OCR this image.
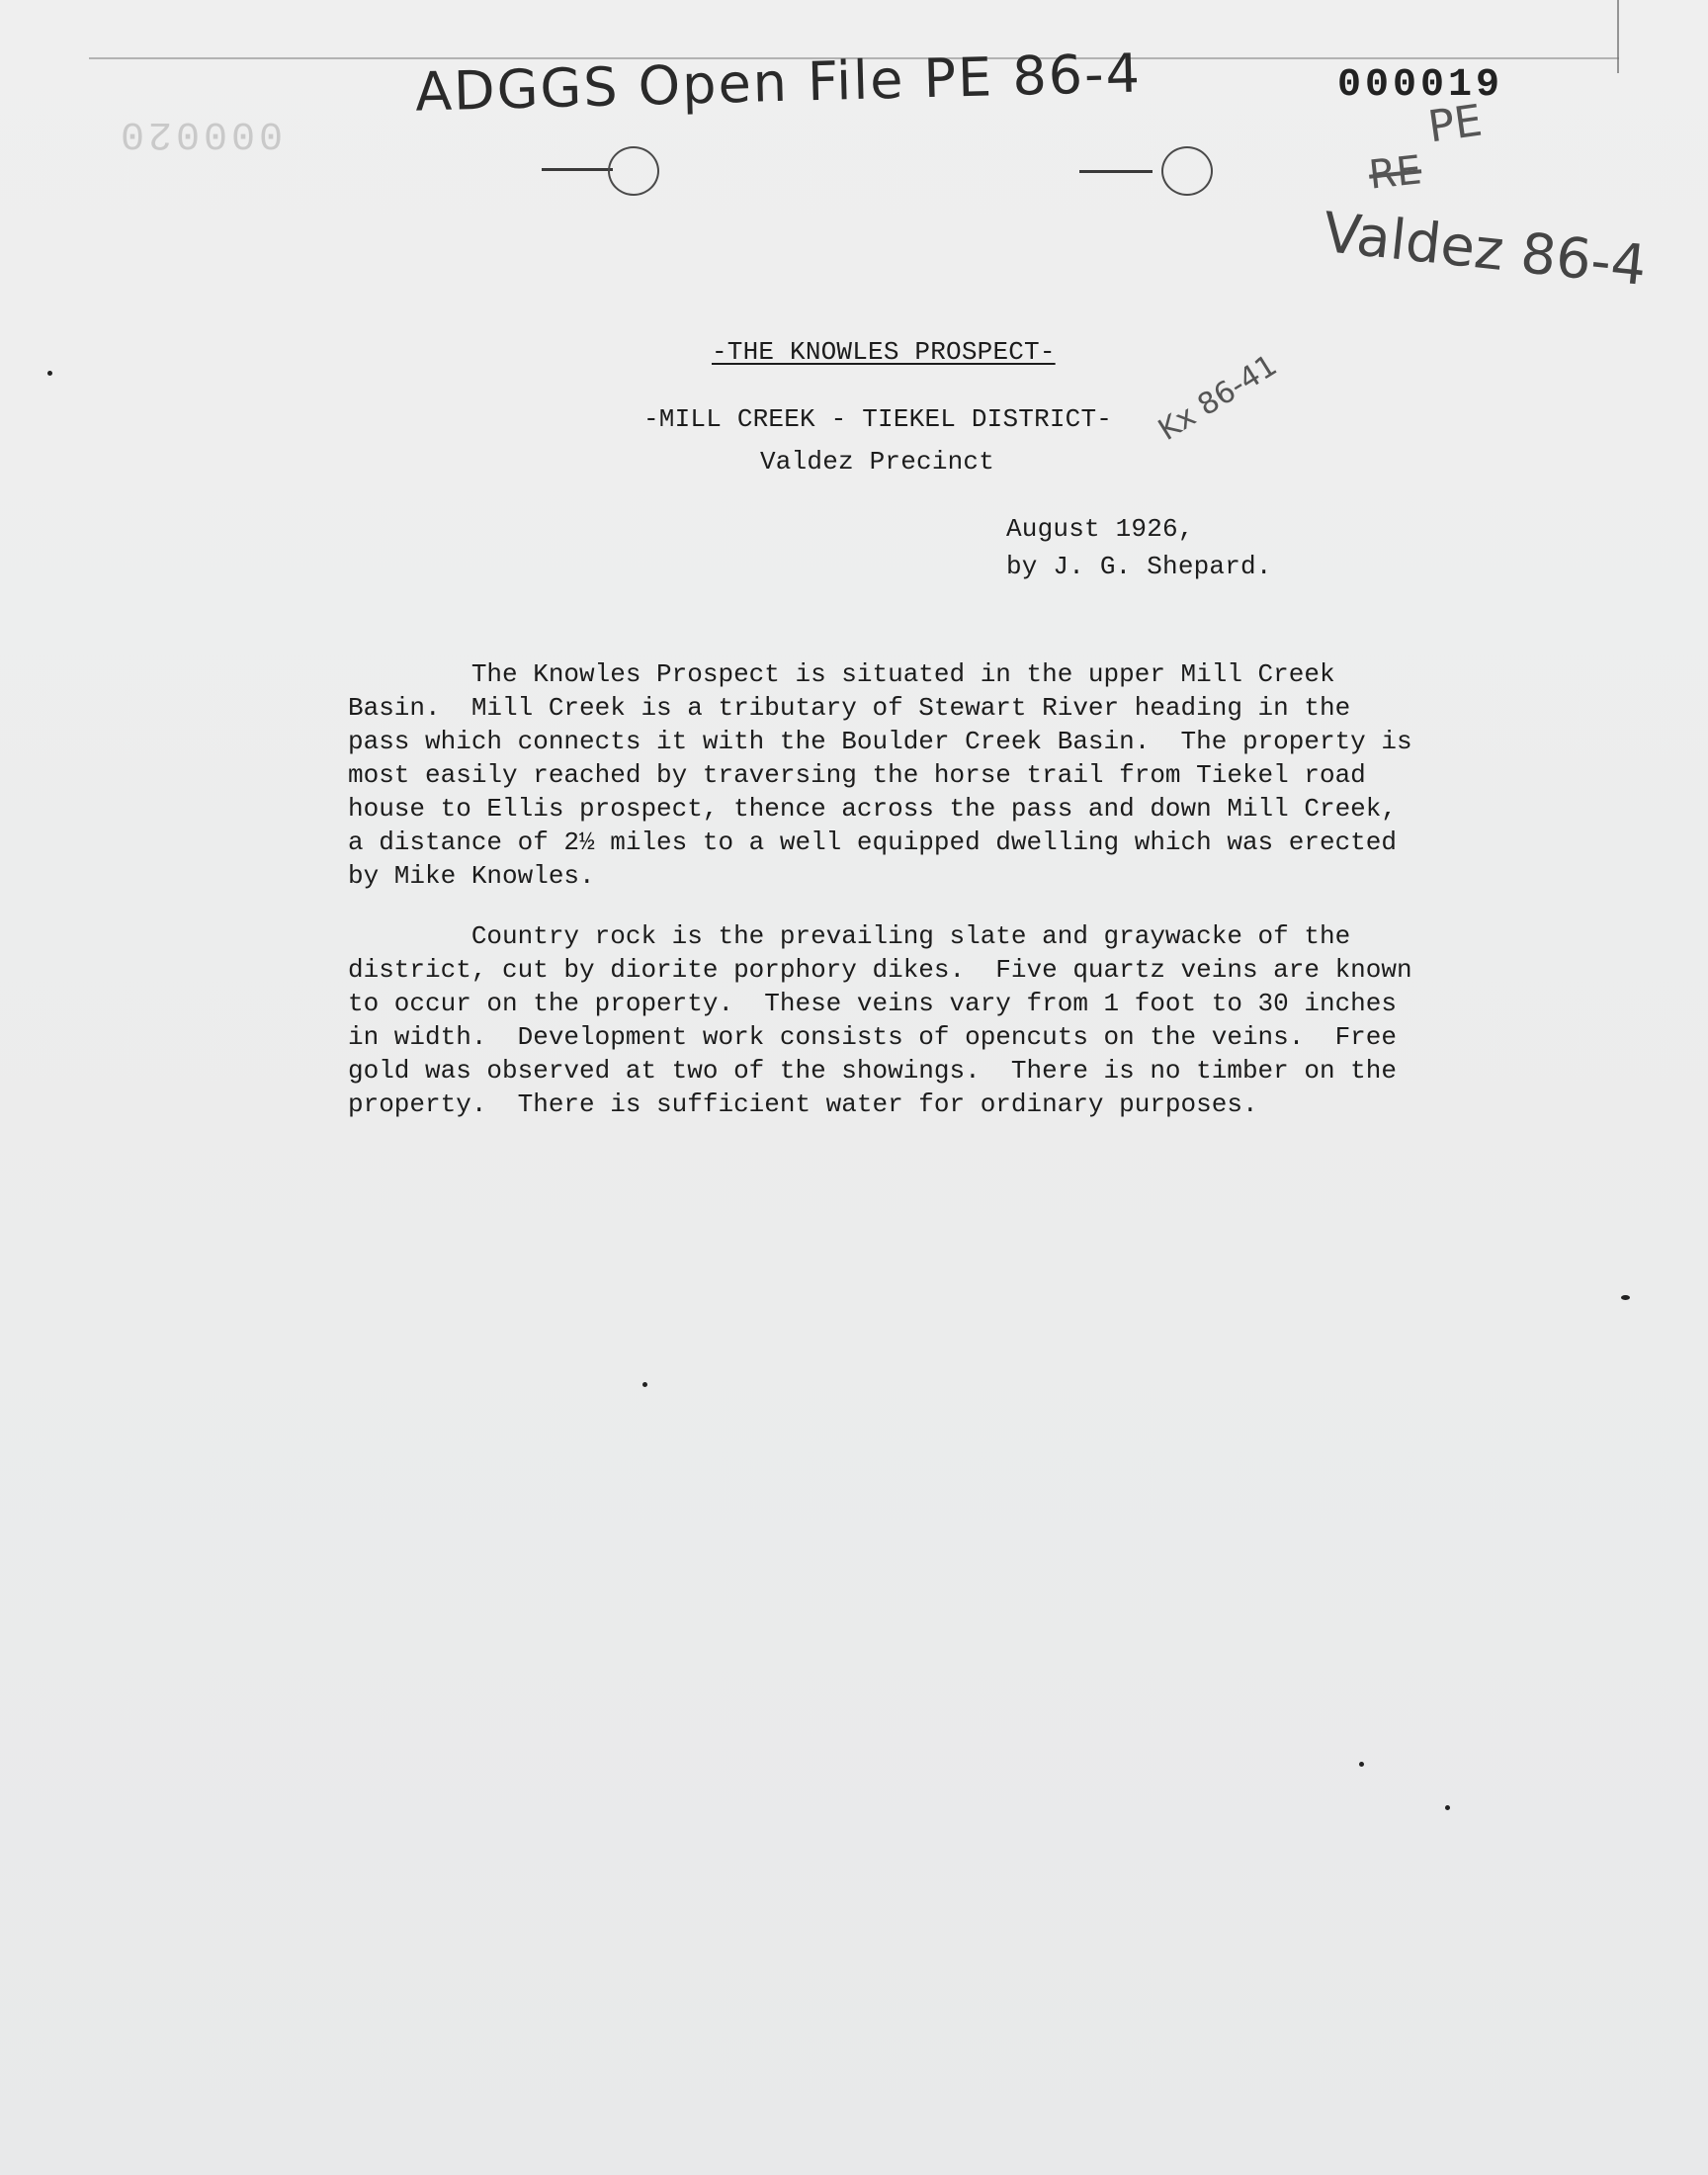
000020
ADGGS Open File PE 86-4	000019
PE
RE
Valdez 86-4
Kx 86-41
-THE KNOWLES PROSPECT-
-MILL CREEK - TIEKEL DISTRICT-
Valdez Precinct
August 1926,
by J. G. Shepard.
The Knowles Prospect is situated in the upper Mill Creek
Basin.  Mill Creek is a tributary of Stewart River heading in the
pass which connects it with the Boulder Creek Basin.  The property is
most easily reached by traversing the horse trail from Tiekel road
house to Ellis prospect, thence across the pass and down Mill Creek,
a distance of 2½ miles to a well equipped dwelling which was erected
by Mike Knowles.
Country rock is the prevailing slate and graywacke of the
district, cut by diorite porphory dikes.  Five quartz veins are known
to occur on the property.  These veins vary from 1 foot to 30 inches
in width.  Development work consists of opencuts on the veins.  Free
gold was observed at two of the showings.  There is no timber on the
property.  There is sufficient water for ordinary purposes.
